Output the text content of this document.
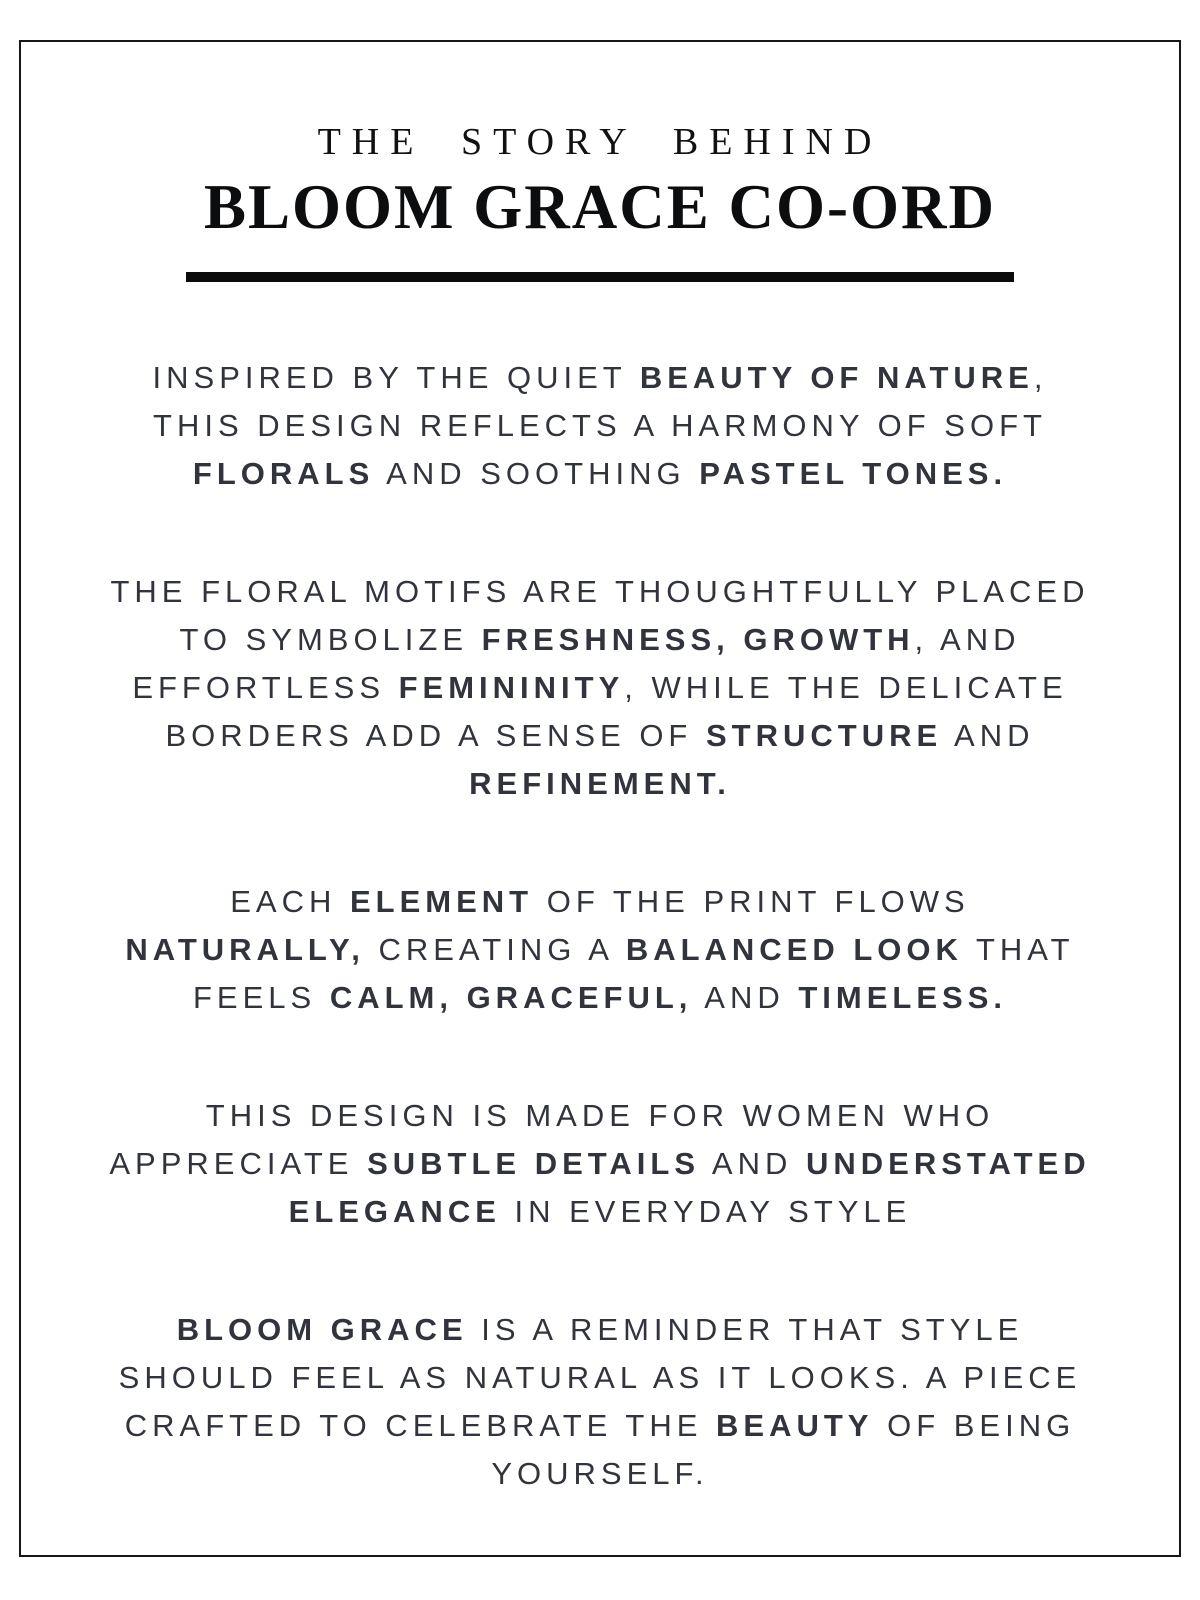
THE STORY BEHIND
BLOOM GRACE CO-ORD

INSPIRED BY THE QUIET BEAUTY OF NATURE,
THIS DESIGN REFLECTS A HARMONY OF SOFT
FLORALS AND SOOTHING PASTEL TONES.

THE FLORAL MOTIFS ARE THOUGHTFULLY PLACED
TO SYMBOLIZE FRESHNESS, GROWTH, AND
EFFORTLESS FEMININITY, WHILE THE DELICATE
BORDERS ADD A SENSE OF STRUCTURE AND
REFINEMENT.

EACH ELEMENT OF THE PRINT FLOWS
NATURALLY, CREATING A BALANCED LOOK THAT
FEELS CALM, GRACEFUL, AND TIMELESS.

THIS DESIGN IS MADE FOR WOMEN WHO
APPRECIATE SUBTLE DETAILS AND UNDERSTATED
ELEGANCE IN EVERYDAY STYLE

BLOOM GRACE IS A REMINDER THAT STYLE
SHOULD FEEL AS NATURAL AS IT LOOKS. A PIECE
CRAFTED TO CELEBRATE THE BEAUTY OF BEING
YOURSELF.
